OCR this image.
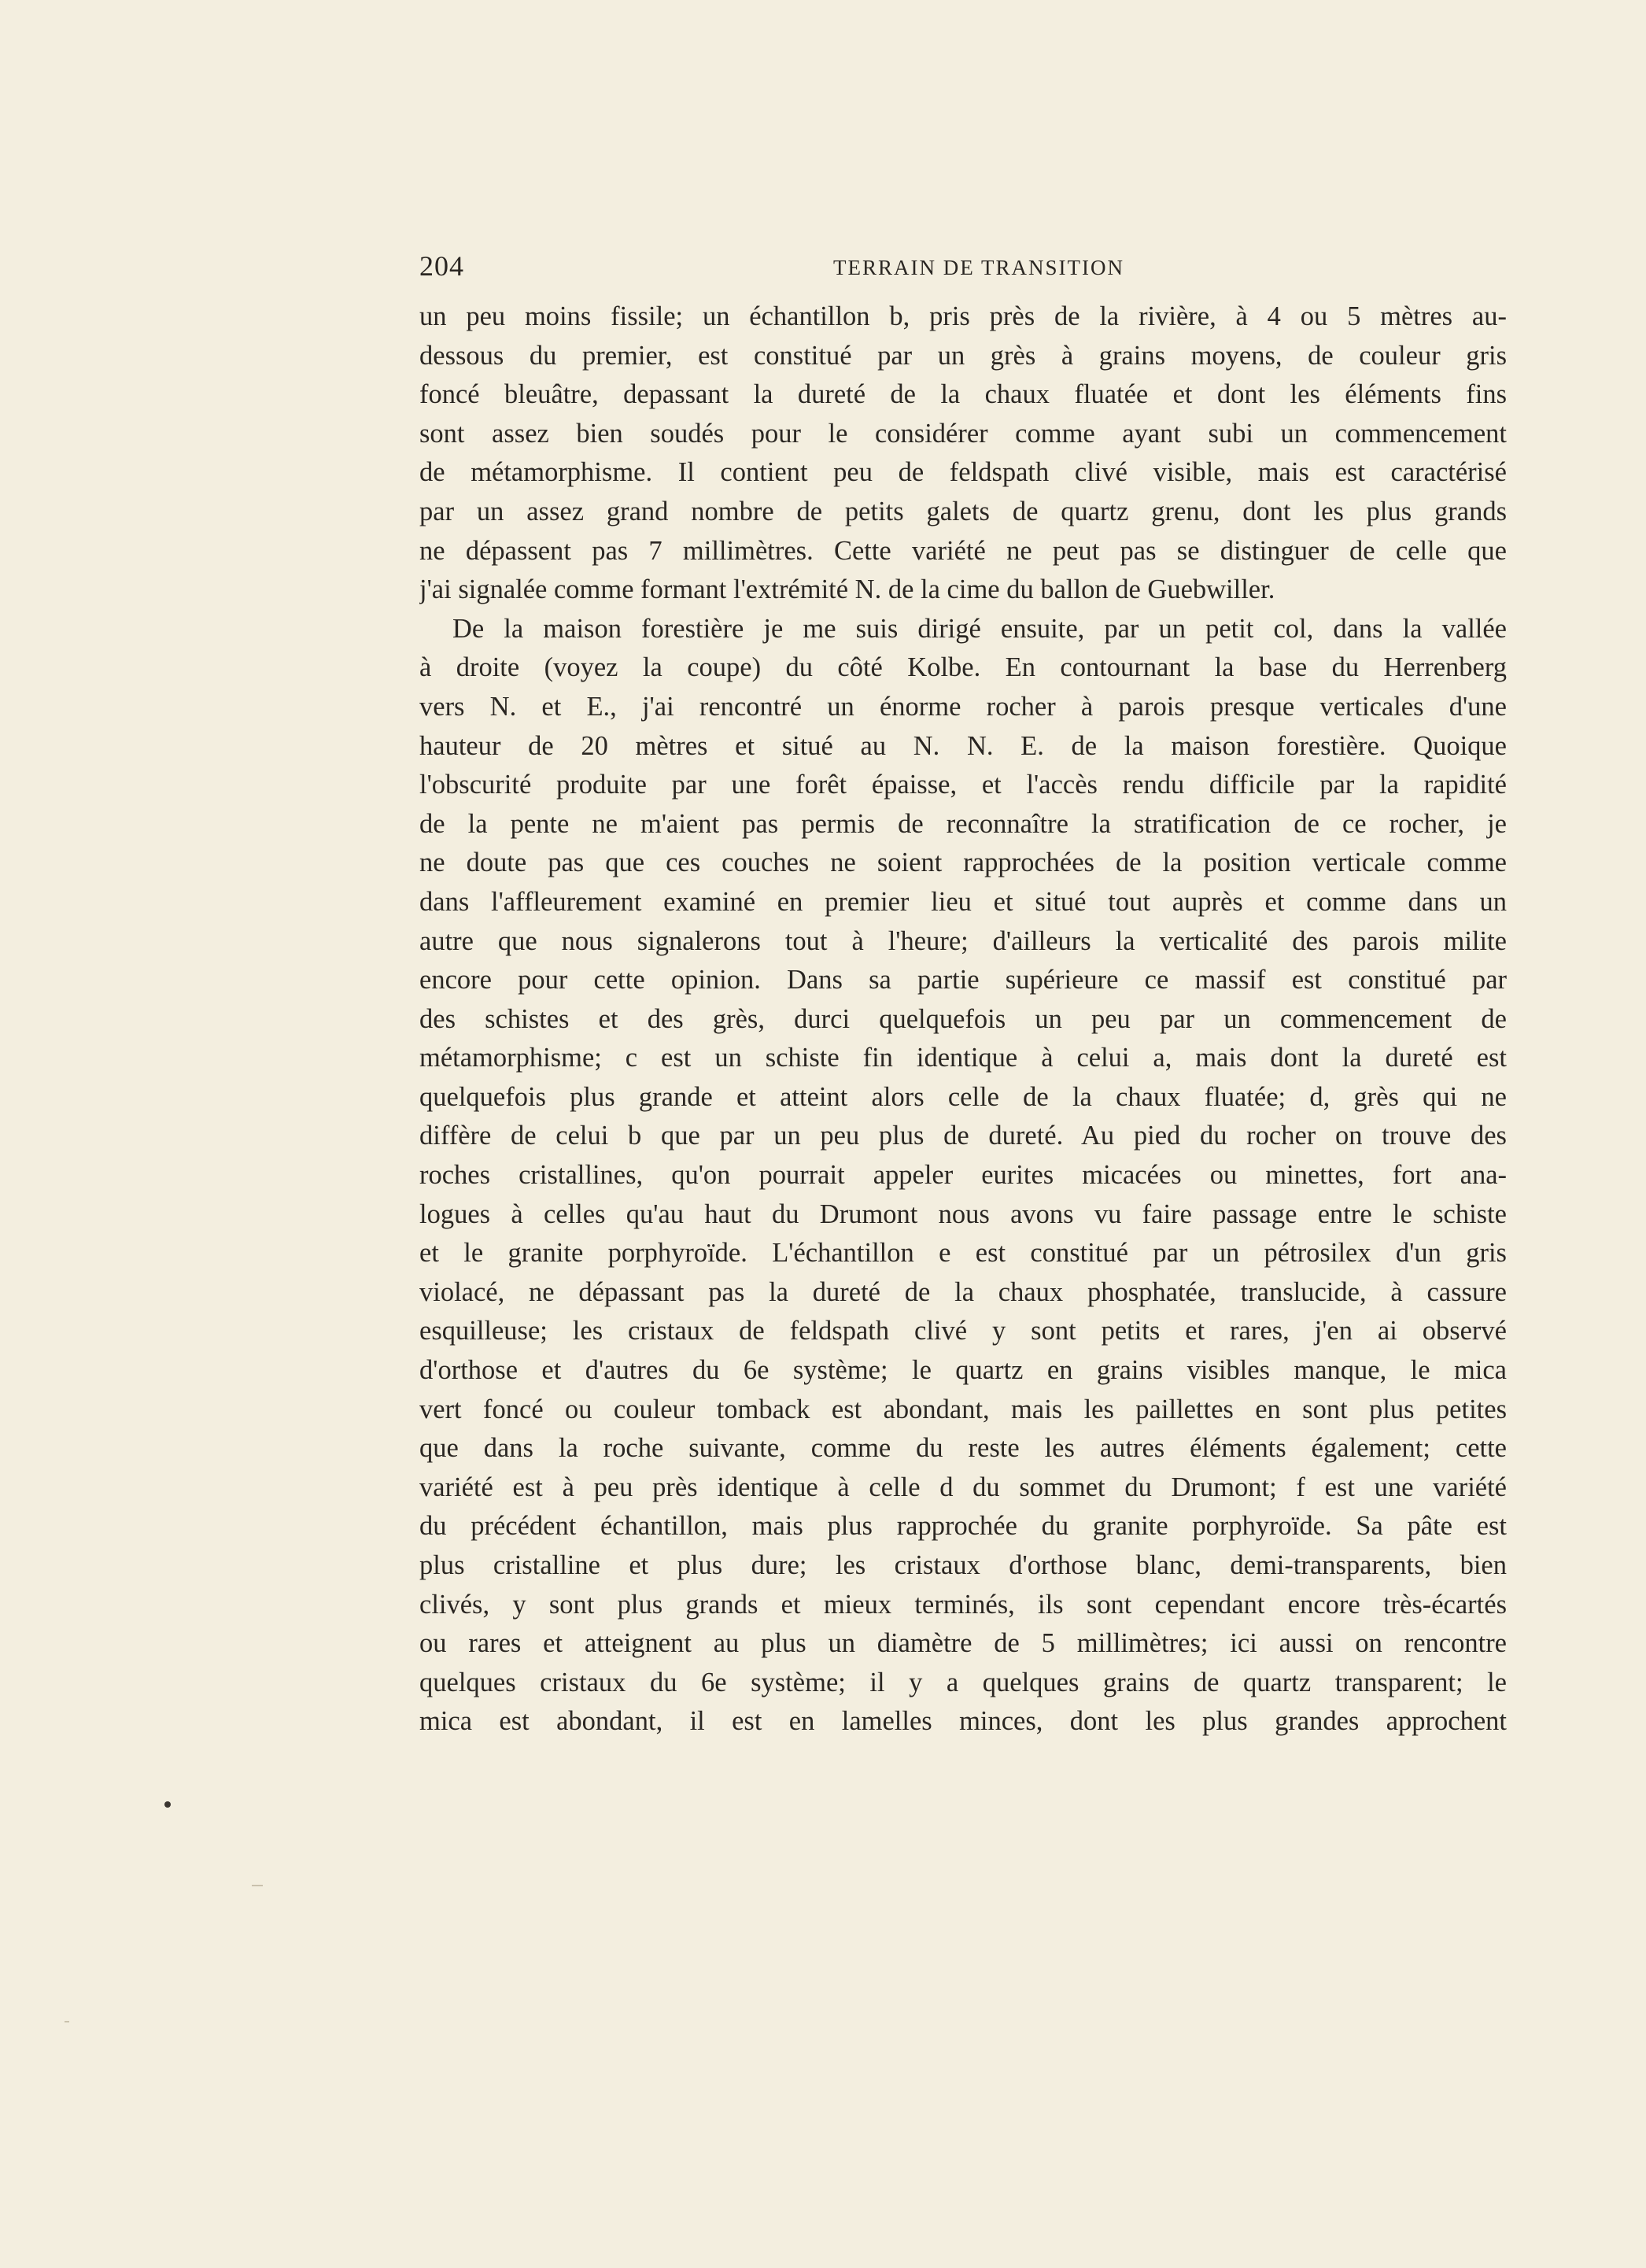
204	TERRAIN DE TRANSITION
un peu moins fissile; un échantillon b, pris près de la rivière, à 4 ou 5 mètres au-
dessous du premier, est constitué par un grès à grains moyens, de couleur gris
foncé bleuâtre, depassant la dureté de la chaux fluatée et dont les éléments fins
sont assez bien soudés pour le considérer comme ayant subi un commencement
de métamorphisme. Il contient peu de feldspath clivé visible, mais est caractérisé
par un assez grand nombre de petits galets de quartz grenu, dont les plus grands
ne dépassent pas 7 millimètres. Cette variété ne peut pas se distinguer de celle que
j'ai signalée comme formant l'extrémité N. de la cime du ballon de Guebwiller.
De la maison forestière je me suis dirigé ensuite, par un petit col, dans la vallée
à droite (voyez la coupe) du côté Kolbe. En contournant la base du Herrenberg
vers N. et E., j'ai rencontré un énorme rocher à parois presque verticales d'une
hauteur de 20 mètres et situé au N. N. E. de la maison forestière. Quoique
l'obscurité produite par une forêt épaisse, et l'accès rendu difficile par la rapidité
de la pente ne m'aient pas permis de reconnaître la stratification de ce rocher, je
ne doute pas que ces couches ne soient rapprochées de la position verticale comme
dans l'affleurement examiné en premier lieu et situé tout auprès et comme dans un
autre que nous signalerons tout à l'heure; d'ailleurs la verticalité des parois milite
encore pour cette opinion. Dans sa partie supérieure ce massif est constitué par
des schistes et des grès, durci quelquefois un peu par un commencement de
métamorphisme; c est un schiste fin identique à celui a, mais dont la dureté est
quelquefois plus grande et atteint alors celle de la chaux fluatée; d, grès qui ne
diffère de celui b que par un peu plus de dureté. Au pied du rocher on trouve des
roches cristallines, qu'on pourrait appeler eurites micacées ou minettes, fort ana-
logues à celles qu'au haut du Drumont nous avons vu faire passage entre le schiste
et le granite porphyroïde. L'échantillon e est constitué par un pétrosilex d'un gris
violacé, ne dépassant pas la dureté de la chaux phosphatée, translucide, à cassure
esquilleuse; les cristaux de feldspath clivé y sont petits et rares, j'en ai observé
d'orthose et d'autres du 6e système; le quartz en grains visibles manque, le mica
vert foncé ou couleur tomback est abondant, mais les paillettes en sont plus petites
que dans la roche suivante, comme du reste les autres éléments également; cette
variété est à peu près identique à celle d du sommet du Drumont; f est une variété
du précédent échantillon, mais plus rapprochée du granite porphyroïde. Sa pâte est
plus cristalline et plus dure; les cristaux d'orthose blanc, demi-transparents, bien
clivés, y sont plus grands et mieux terminés, ils sont cependant encore très-écartés
ou rares et atteignent au plus un diamètre de 5 millimètres; ici aussi on rencontre
quelques cristaux du 6e système; il y a quelques grains de quartz transparent; le
mica est abondant, il est en lamelles minces, dont les plus grandes approchent
